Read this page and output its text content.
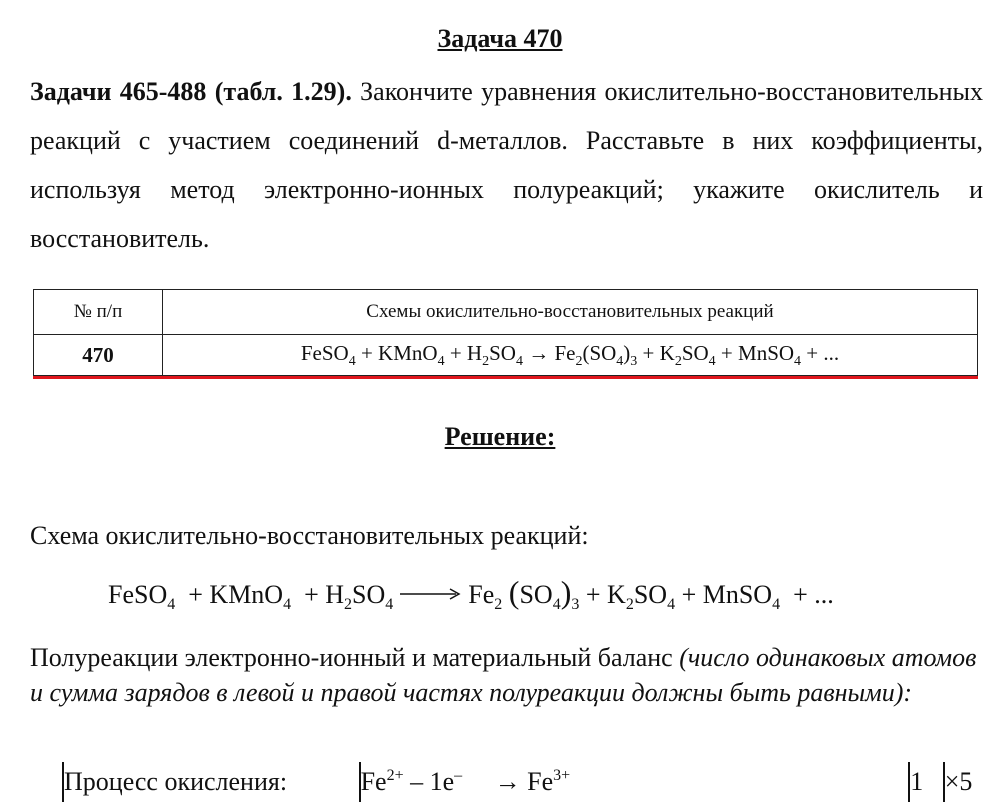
Задача 470
Задачи 465-488 (табл. 1.29). Закончите уравнения окислительно-восстановительных реакций с участием соединений d-металлов. Расставьте в них коэффициенты, используя метод электронно-ионных полуреакций; укажите окислитель и восстановитель.
№ п/п	Схемы окислительно-восстановительных реакций
470	FeSO$_4$ + KMnO$_4$ + $H_2SO_4 \to Fe_2(SO_4)_3 + K_2SO_4$ + MnSO$_4$ + ...
Решение:
Схема окислительно-восстановительных реакций:
FeSO$_4$  + KMnO$_4$  + $H_2SO_4 \to Fe_2$ $(SO_4)_3 + K_2SO_4$ + MnSO$_4$  + ...
Полуреакции электронно-ионный и материальный баланс (число одинаковых атомов и сумма зарядов в левой и правой частях полуреакции должны быть равными):
Процесс окисления:	$Fe^{2+} - 1e^-$     → $Fe^{3+}$	1 ×5
